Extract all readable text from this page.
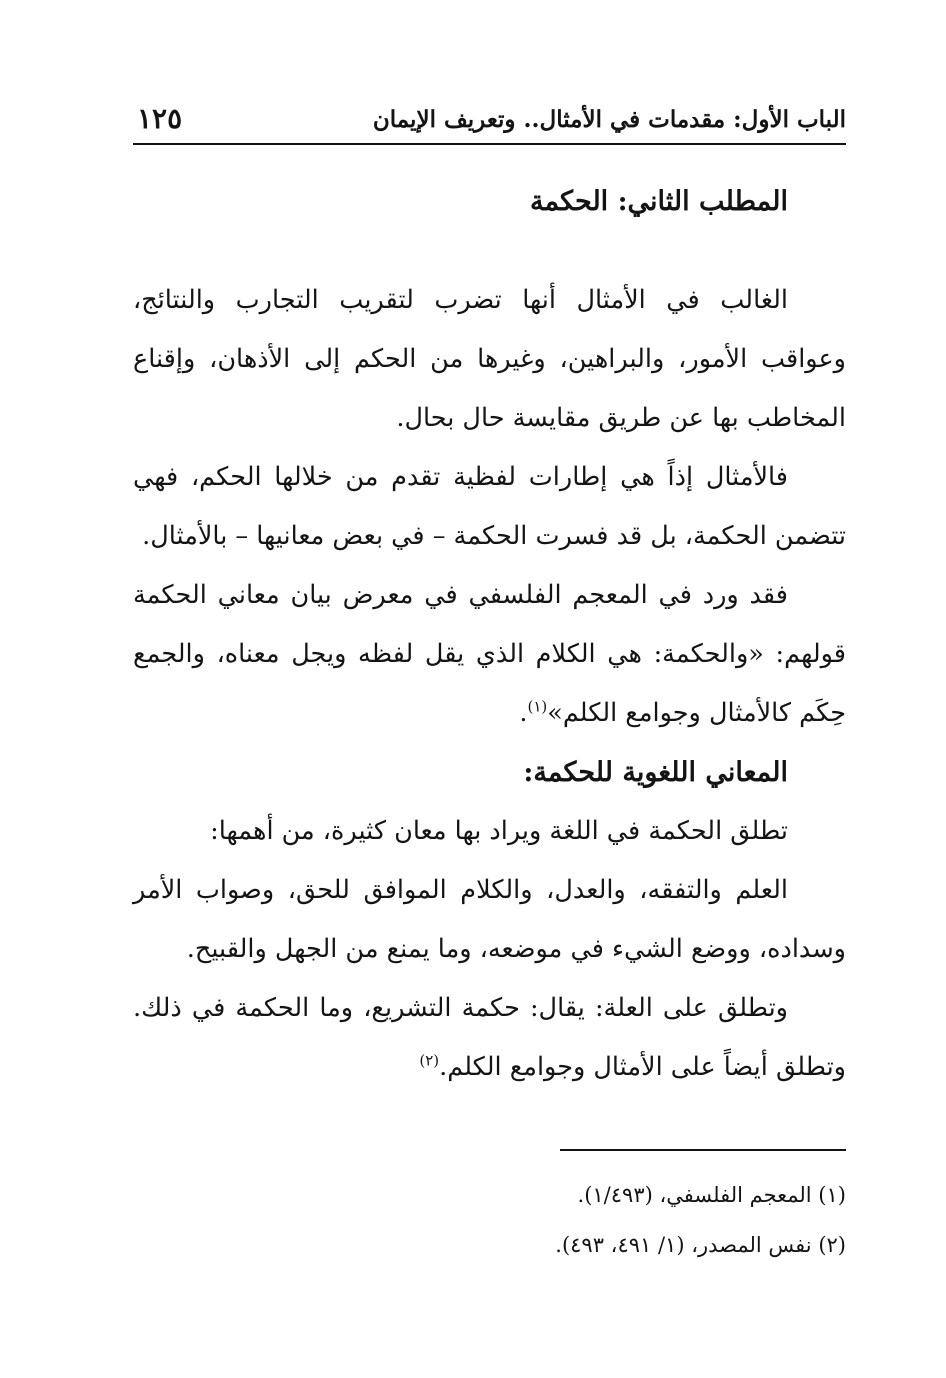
الباب الأول: مقدمات في الأمثال.. وتعريف الإيمان
١٢٥
المطلب الثاني: الحكمة

الغالب في الأمثال أنها تضرب لتقريب التجارب والنتائج، وعواقب الأمور، والبراهين، وغيرها من الحكم إلى الأذهان، وإقناع المخاطب بها عن طريق مقايسة حال بحال.

فالأمثال إذاً هي إطارات لفظية تقدم من خلالها الحكم، فهي تتضمن الحكمة، بل قد فسرت الحكمة – في بعض معانيها – بالأمثال.

فقد ورد في المعجم الفلسفي في معرض بيان معاني الحكمة قولهم: «والحكمة: هي الكلام الذي يقل لفظه ويجل معناه، والجمع حِكَم كالأمثال وجوامع الكلم»$^{(١)}$.

المعاني اللغوية للحكمة:

تطلق الحكمة في اللغة ويراد بها معان كثيرة، من أهمها:

العلم والتفقه، والعدل، والكلام الموافق للحق، وصواب الأمر وسداده، ووضع الشيء في موضعه، وما يمنع من الجهل والقبيح.

وتطلق على العلة: يقال: حكمة التشريع، وما الحكمة في ذلك. وتطلق أيضاً على الأمثال وجوامع الكلم.$^{(٢)}$

(١) المعجم الفلسفي، (١/٤٩٣).
(٢) نفس المصدر، (١/ ٤٩١، ٤٩٣).
